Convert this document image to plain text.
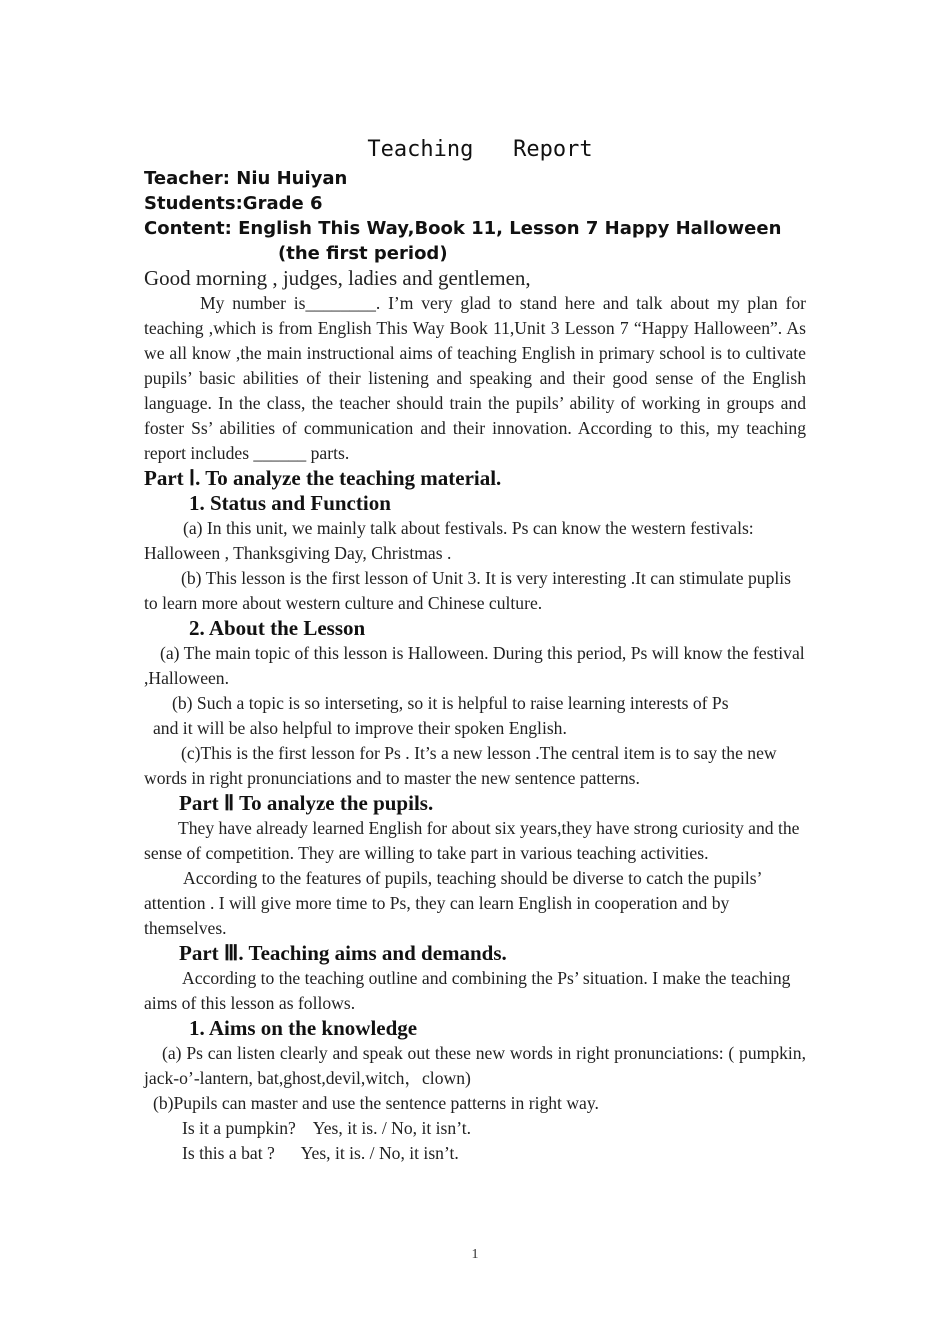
Teaching   Report
Teacher: Niu Huiyan
Students:Grade 6
Content: English This Way,Book 11, Lesson 7 Happy Halloween
(the first period)
Good morning , judges, ladies and gentlemen,
My number is________. I’m very glad to stand here and talk about my plan for teaching ,which is from English This Way Book 11,Unit 3 Lesson 7 “Happy Halloween”. As we all know ,the main instructional aims of teaching English in primary school is to cultivate pupils’ basic abilities of their listening and speaking and their good sense of the English language. In the class, the teacher should train the pupils’ ability of working in groups and foster Ss’ abilities of communication and their innovation. According to this, my teaching report includes ______ parts.
Part Ⅰ. To analyze the teaching material.
1. Status and Function
(a) In this unit, we mainly talk about festivals. Ps can know the western festivals: Halloween , Thanksgiving Day, Christmas .
(b) This lesson is the first lesson of Unit 3. It is very interesting .It can stimulate puplis to learn more about western culture and Chinese culture.
2. About the Lesson
(a) The main topic of this lesson is Halloween. During this period, Ps will know the festival ,Halloween.
(b) Such a topic is so interseting, so it is helpful to raise learning interests of Ps
and it will be also helpful to improve their spoken English.
(c)This is the first lesson for Ps . It’s a new lesson .The central item is to say the new words in right pronunciations and to master the new sentence patterns.
Part Ⅱ To analyze the pupils.
They have already learned English for about six years,they have strong curiosity and the sense of competition. They are willing to take part in various teaching activities.
According to the features of pupils, teaching should be diverse to catch the pupils’ attention . I will give more time to Ps, they can learn English in cooperation and by themselves.
Part Ⅲ. Teaching aims and demands.
According to the teaching outline and combining the Ps’ situation. I make the teaching aims of this lesson as follows.
1. Aims on the knowledge
(a) Ps can listen clearly and speak out these new words in right pronunciations: ( pumpkin, jack-o’-lantern, bat,ghost,devil,witch，clown)
(b)Pupils can master and use the sentence patterns in right way.
Is it a pumpkin?    Yes, it is. / No, it isn’t.
Is this a bat ?      Yes, it is. / No, it isn’t.
1
